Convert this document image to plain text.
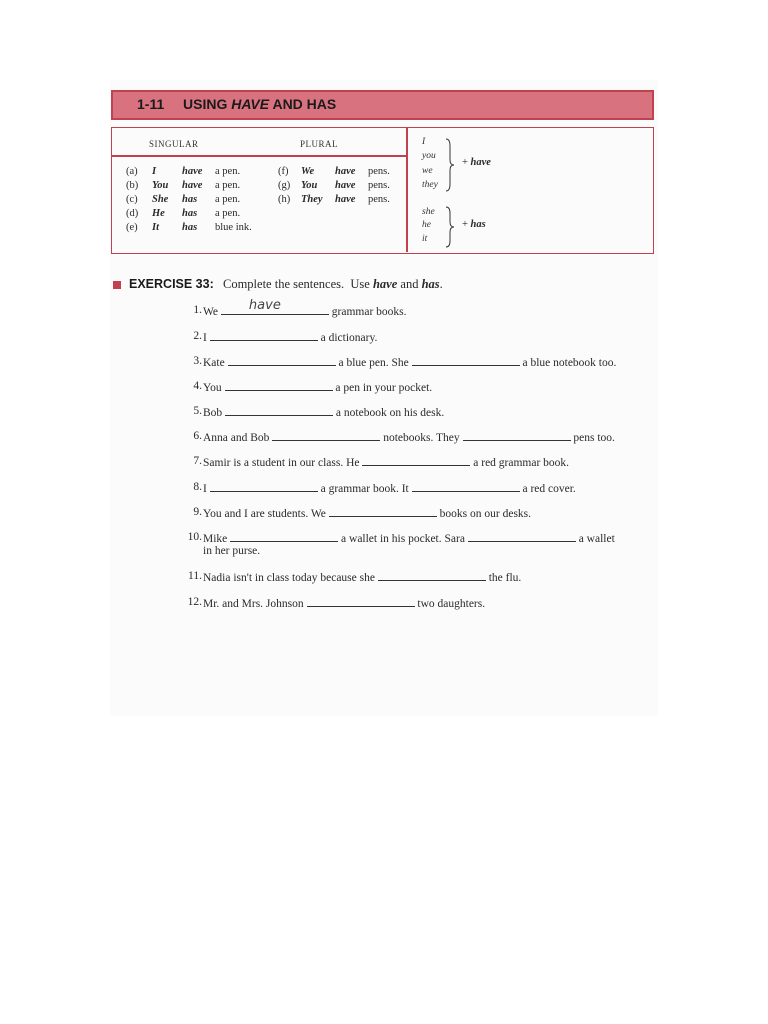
1-11 USING HAVE AND HAS
SINGULAR	PLURAL
(a) I have a pen.
(b) You have a pen.
(c) She has a pen.
(d) He has a pen.
(e) It has blue ink.
(f) We have pens.
(g) You have pens.
(h) They have pens.
I
you
we
they
+ have
she
he
it
+ has
EXERCISE 33: Complete the sentences.  Use have and has.
1. We have	grammar books.
2. I	a dictionary.
3. Kate	a blue pen. She	a blue notebook too.
4. You	a pen in your pocket.
5. Bob	a notebook on his desk.
6. Anna and Bob	notebooks. They	pens too.
7. Samir is a student in our class. He	a red grammar book.
8. I	a grammar book. It	a red cover.
9. You and I are students. We	books on our desks.
10. Mike	a wallet in his pocket. Sara	a wallet
in her purse.
11. Nadia isn't in class today because she	the flu.
12. Mr. and Mrs. Johnson	two daughters.
